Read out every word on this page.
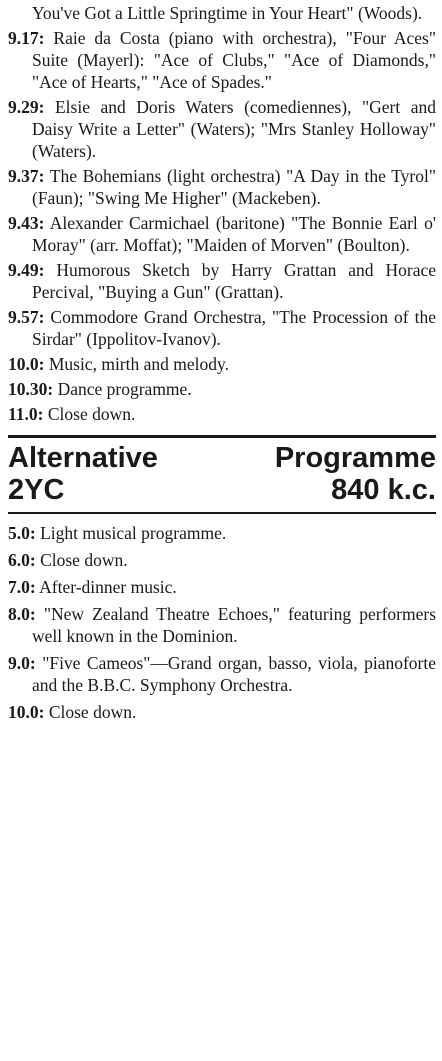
You've Got a Little Springtime in Your Heart" (Woods).

9.17: Raie da Costa (piano with orchestra), "Four Aces" Suite (Mayerl): "Ace of Clubs," "Ace of Diamonds," "Ace of Hearts," "Ace of Spades."

9.29: Elsie and Doris Waters (comediennes), "Gert and Daisy Write a Letter" (Waters); "Mrs Stanley Holloway" (Waters).

9.37: The Bohemians (light orchestra) "A Day in the Tyrol" (Faun); "Swing Me Higher" (Mackeben).

9.43: Alexander Carmichael (baritone) "The Bonnie Earl o' Moray" (arr. Moffat); "Maiden of Morven" (Boulton).

9.49: Humorous Sketch by Harry Grattan and Horace Percival, "Buying a Gun" (Grattan).

9.57: Commodore Grand Orchestra, "The Procession of the Sirdar" (Ippolitov-Ivanov).

10.0: Music, mirth and melody.

10.30: Dance programme.

11.0: Close down.

Alternative	Programme
2YC	840 k.c.

5.0: Light musical programme.

6.0: Close down.

7.0: After-dinner music.

8.0: "New Zealand Theatre Echoes," featuring performers well known in the Dominion.

9.0: "Five Cameos"—Grand organ, basso, viola, pianoforte and the B.B.C. Symphony Orchestra.

10.0: Close down.
